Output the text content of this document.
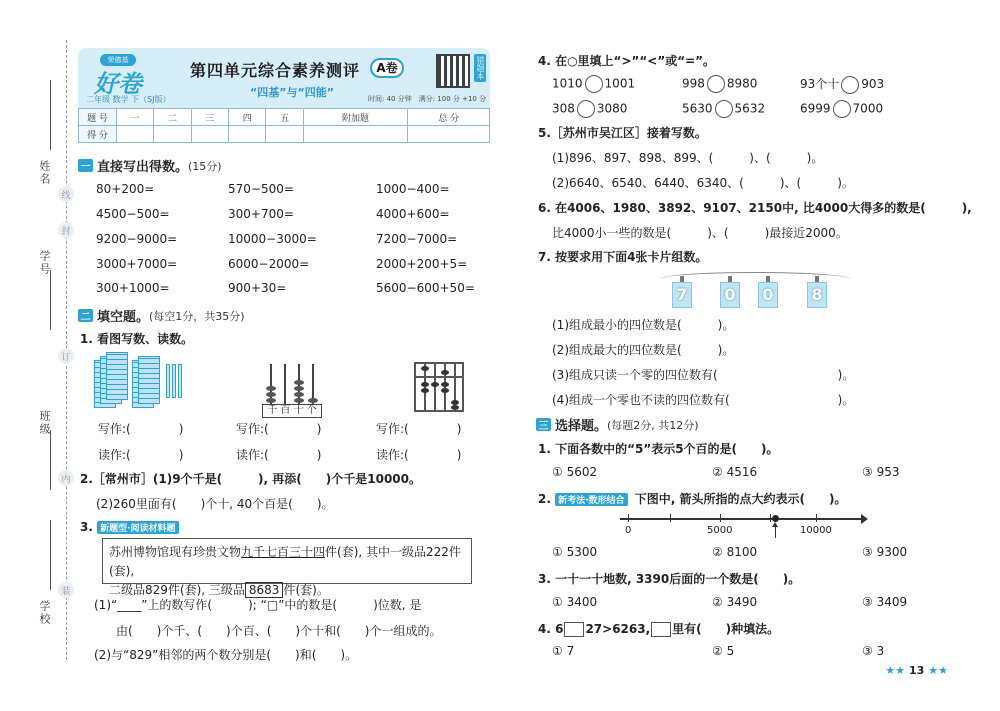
姓名
学号
班级
学校
线
封
订
内
装
荣德基
好卷
二年级 数学 下（SJ版）
第四单元综合素养测评	A卷
“四基”与“四能”
错题本
时间: 40 分钟　满分: 100 分 +10 分
题 号	一	二	三	四	五	附加题	总 分
得 分							
一 直接写出得数。 (15分)
80+200=	570−500=	1000−400=
4500−500=	300+700=	4000+600=
9200−9000=	10000−3000=	7200−7000=
3000+7000=	6000−2000=	2000+200+5=
300+1000=	900+30=	5600−600+50=
二 填空题。 (每空1分，共35分)
1. 看图写数、读数。
千 百 十 个
写作:(　　　　)	写作:(　　　　)	写作:(　　　　)
读作:(　　　　)	读作:(　　　　)	读作:(　　　　)
2.［常州市］(1)9个千是(　　　), 再添(　　)个千是10000。
(2)260里面有(　　)个十, 40个百是(　　)。
3. 新题型·阅读材料题
苏州博物馆现有珍贵文物九千七百三十四件(套), 其中一级品222件(套),
二级品829件(套), 三级品 8683 件(套)。
(1)“____”上的数写作(　　　); “□”中的数是(　　　)位数, 是
由(　　)个千、(　　)个百、(　　)个十和(　　)个一组成的。
(2)与“829”相邻的两个数分别是(　　)和(　　)。
4. 在○里填上“>”“<”或“=”。
1010 1001	998 8980	93个十 903
308 3080	5630 5632	6999 7000
5.［苏州市吴江区］接着写数。
(1)896、897、898、899、(　　　)、(　　　)。
(2)6640、6540、6440、6340、(　　　)、(　　　)。
6. 在4006、1980、3892、9107、2150中, 比4000大得多的数是(　　　),
比4000小一些的数是(　　　)、(　　　)最接近2000。
7. 按要求用下面4张卡片组数。
7 0 0 8
(1)组成最小的四位数是(　　　)。
(2)组成最大的四位数是(　　　)。
(3)组成只读一个零的四位数有(　　　　　　　　　　)。
(4)组成一个零也不读的四位数有(　　　　　　　　　)。
三 选择题。 (每题2分, 共12分)
1. 下面各数中的“5”表示5个百的是(　　)。
① 5602	② 4516	③ 953
2. 新考法·数形结合 下图中, 箭头所指的点大约表示(　　)。
0	5000	10000
① 5300	② 8100	③ 9300
3. 一十一十地数, 3390后面的一个数是(　　)。
① 3400	② 3490	③ 3409
4. 6 27>6263, 里有(　　)种填法。
① 7	② 5	③ 3
★★ 13 ★★
